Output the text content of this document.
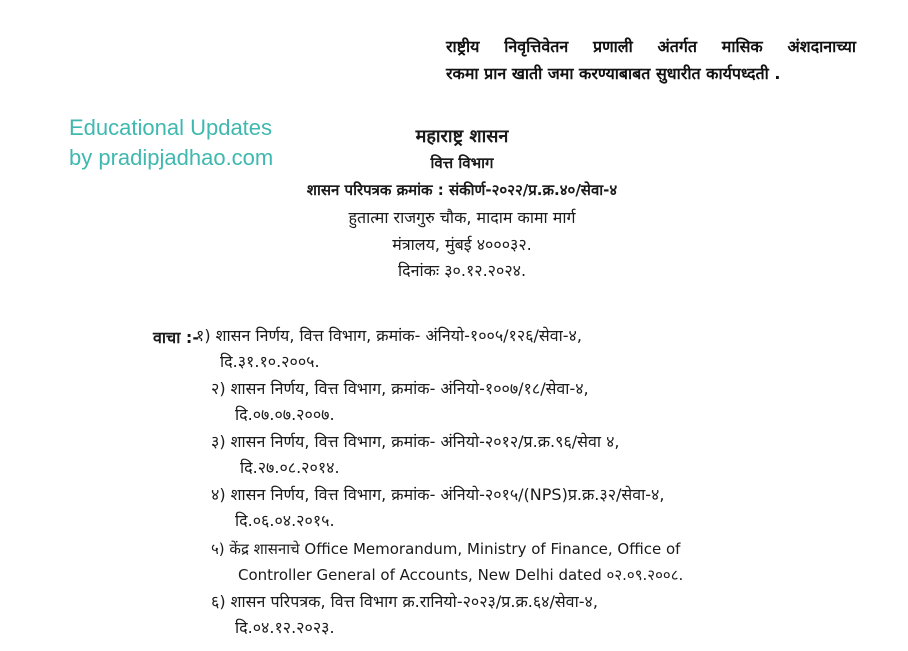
राष्ट्रीय निवृत्तिवेतन प्रणाली अंतर्गत मासिक अंशदानाच्या
रकमा प्रान खाती जमा करण्याबाबत सुधारीत कार्यपध्दती .
Educational Updates
by pradipjadhao.com
महाराष्ट्र शासन
वित्त विभाग
शासन परिपत्रक क्रमांक : संकीर्ण-२०२२/प्र.क्र.४०/सेवा-४
हुतात्मा राजगुरु चौक, मादाम कामा मार्ग
मंत्रालय, मुंबई ४०००३२.
दिनांकः ३०.१२.२०२४.
वाचा :-
१) शासन निर्णय, वित्त विभाग, क्रमांक- अंनियो-१००५/१२६/सेवा-४,
दि.३१.१०.२००५.
२) शासन निर्णय, वित्त विभाग, क्रमांक- अंनियो-१००७/१८/सेवा-४,
दि.०७.०७.२००७.
३) शासन निर्णय, वित्त विभाग, क्रमांक- अंनियो-२०१२/प्र.क्र.९६/सेवा ४,
दि.२७.०८.२०१४.
४) शासन निर्णय, वित्त विभाग, क्रमांक- अंनियो-२०१५/(NPS)प्र.क्र.३२/सेवा-४,
दि.०६.०४.२०१५.
५) केंद्र शासनाचे Office Memorandum, Ministry of Finance, Office of
Controller General of Accounts, New Delhi dated ०२.०९.२००८.
६) शासन परिपत्रक, वित्त विभाग क्र.रानियो-२०२३/प्र.क्र.६४/सेवा-४,
दि.०४.१२.२०२३.
